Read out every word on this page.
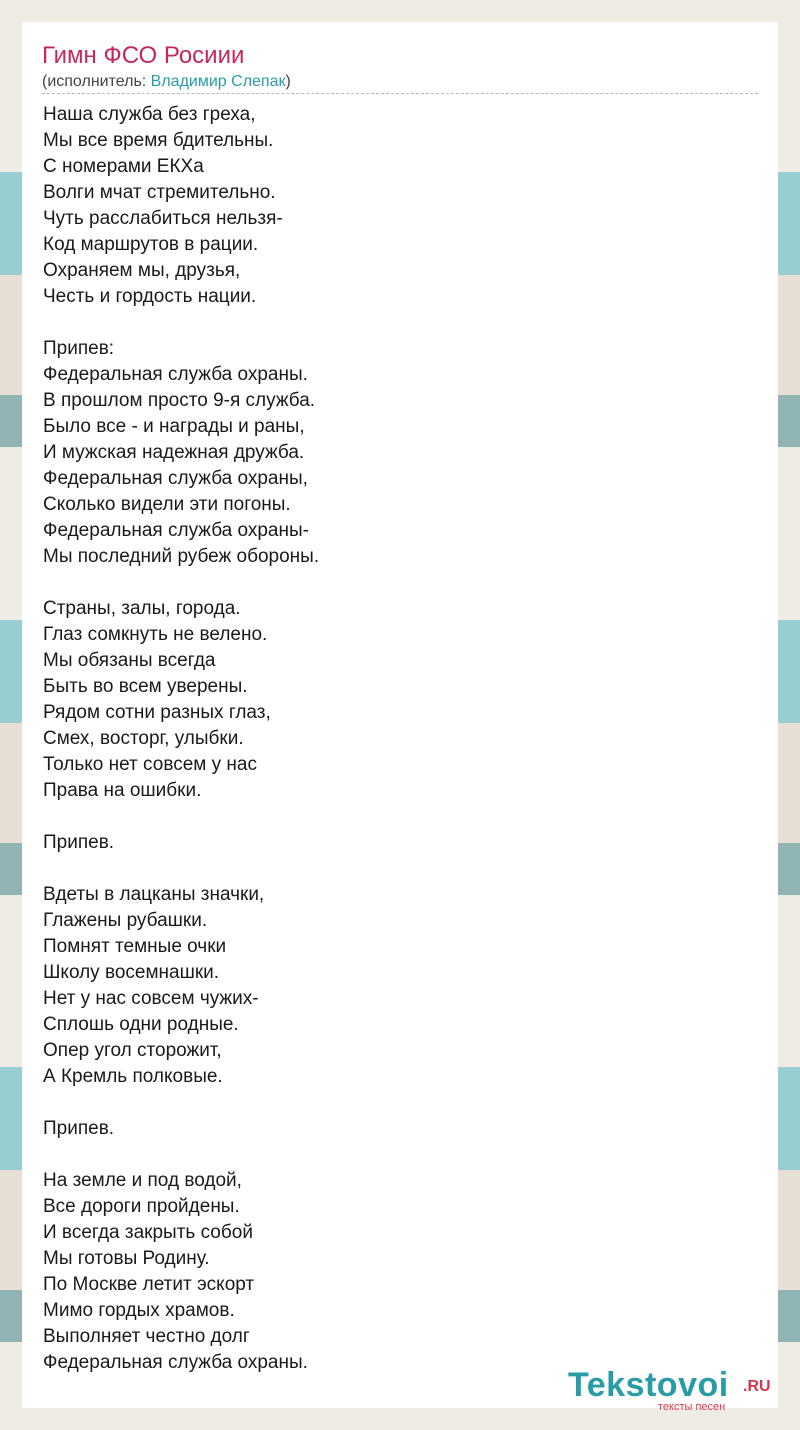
Гимн ФСО Росиии
(исполнитель: Владимир Слепак)
Наша служба без греха,
Мы все время бдительны.
С номерами ЕКХа
Волги мчат стремительно.
Чуть расслабиться нельзя-
Код маршрутов в рации.
Охраняем мы, друзья,
Честь и гордость нации.
Припев:
Федеральная служба охраны.
В прошлом просто 9-я служба.
Было все - и награды и раны,
И мужская надежная дружба.
Федеральная служба охраны,
Сколько видели эти погоны.
Федеральная служба охраны-
Мы последний рубеж обороны.
Страны, залы, города.
Глаз сомкнуть не велено.
Мы обязаны всегда
Быть во всем уверены.
Рядом сотни разных глаз,
Смех, восторг, улыбки.
Только нет совсем у нас
Права на ошибки.
Припев.
Вдеты в лацканы значки,
Глажены рубашки.
Помнят темные очки
Школу восемнашки.
Нет у нас совсем чужих-
Сплошь одни родные.
Опер угол сторожит,
А Кремль полковые.
Припев.
На земле и под водой,
Все дороги пройдены.
И всегда закрыть собой
Мы готовы Родину.
По Москве летит эскорт
Мимо гордых храмов.
Выполняет честно долг
Федеральная служба охраны.
Tekstovoi .RU
тексты песен
